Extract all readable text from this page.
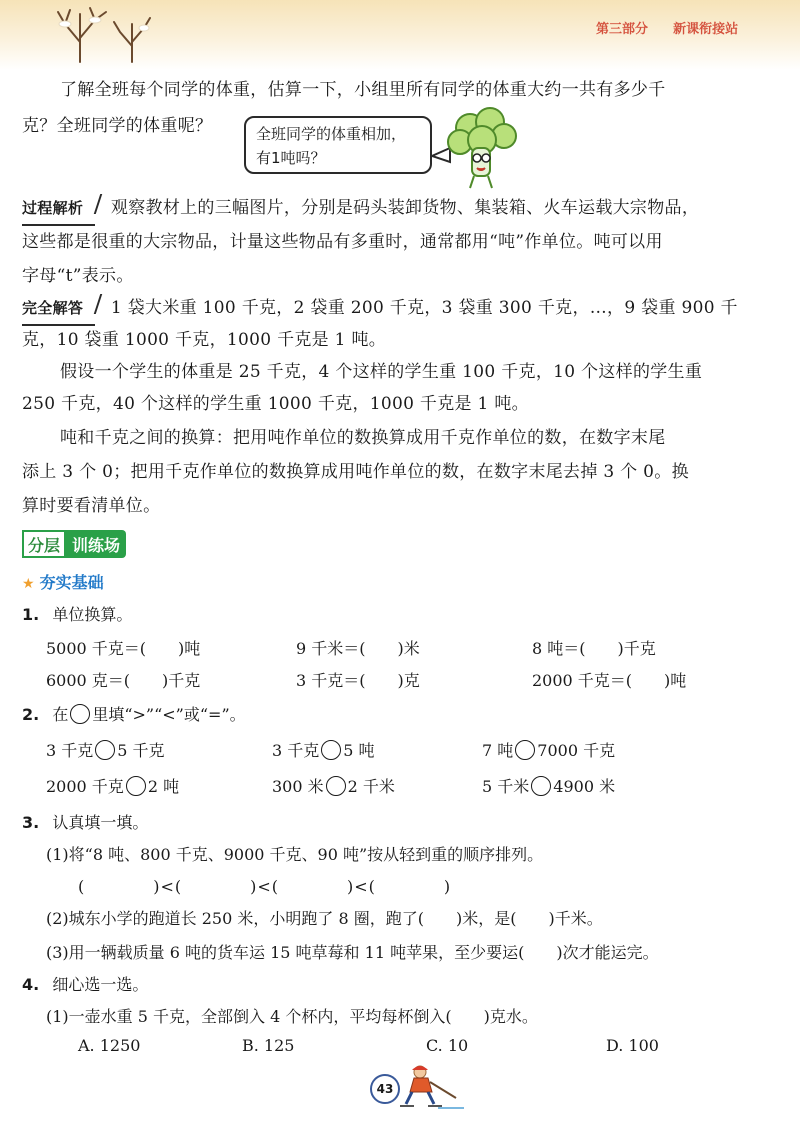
第三部分 新课衔接站
了解全班每个同学的体重，估算一下，小组里所有同学的体重大约一共有多少千
克？全班同学的体重呢？	全班同学的体重相加，
有1吨吗？
过程解析 观察教材上的三幅图片，分别是码头装卸货物、集装箱、火车运载大宗物品，
这些都是很重的大宗物品，计量这些物品有多重时，通常都用“吨”作单位。吨可以用
字母“t”表示。
完全解答 1 袋大米重 100 千克，2 袋重 200 千克，3 袋重 300 千克，…，9 袋重 900 千
克，10 袋重 1000 千克，1000 千克是 1 吨。
假设一个学生的体重是 25 千克，4 个这样的学生重 100 千克，10 个这样的学生重
250 千克，40 个这样的学生重 1000 千克，1000 千克是 1 吨。
吨和千克之间的换算：把用吨作单位的数换算成用千克作单位的数，在数字末尾
添上 3 个 0；把用千克作单位的数换算成用吨作单位的数，在数字末尾去掉 3 个 0。换
算时要看清单位。
分层 训练场
★ 夯实基础
1. 单位换算。
5000 千克＝(　　)吨	9 千米＝(　　)米	8 吨＝(　　)千克
6000 克＝(　　)千克	3 千克＝(　　)克	2000 千克＝(　　)吨
2. 在 里填“>”“<”或“=”。
3 千克 5 千克	3 千克 5 吨	7 吨 7000 千克
2000 千克 2 吨	300 米 2 千米	5 千米 4900 米
3. 认真填一填。
(1)将“8 吨、800 千克、9000 千克、90 吨”按从轻到重的顺序排列。
(　　　　)<(　　　　)<(　　　　)<(　　　　)
(2)城东小学的跑道长 250 米，小明跑了 8 圈，跑了(　　)米，是(　　)千米。
(3)用一辆载质量 6 吨的货车运 15 吨草莓和 11 吨苹果，至少要运(　　)次才能运完。
4. 细心选一选。
(1)一壶水重 5 千克，全部倒入 4 个杯内，平均每杯倒入(　　)克水。
A. 1250	B. 125	C. 10	D. 100
43
